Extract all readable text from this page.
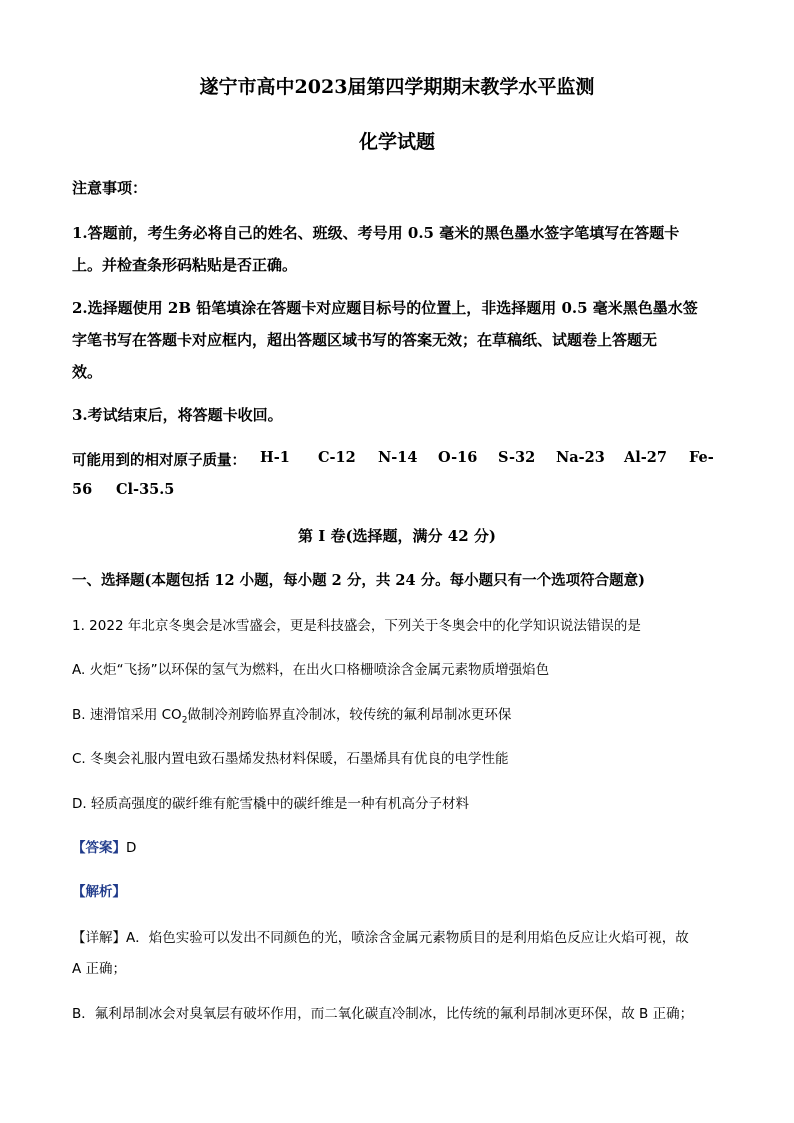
遂宁市高中2023届第四学期期末教学水平监测
化学试题
注意事项：
1.答题前，考生务必将自己的姓名、班级、考号用 0.5 毫米的黑色墨水签字笔填写在答题卡
上。并检查条形码粘贴是否正确。
2.选择题使用 2B 铅笔填涂在答题卡对应题目标号的位置上，非选择题用 0.5 毫米黑色墨水签
字笔书写在答题卡对应框内，超出答题区域书写的答案无效；在草稿纸、试题卷上答题无
效。
3.考试结束后，将答题卡收回。
可能用到的相对原子质量： H-1 C-12 N-14 O-16 S-32 Na-23 Al-27 Fe-
56 Cl-35.5
第 I 卷(选择题，满分 42 分)
一、选择题(本题包括 12 小题，每小题 2 分，共 24 分。每小题只有一个选项符合题意)
1. 2022 年北京冬奥会是冰雪盛会，更是科技盛会，下列关于冬奥会中的化学知识说法错误的是
A. 火炬“飞扬”以环保的氢气为燃料，在出火口格栅喷涂含金属元素物质增强焰色
B. 速滑馆采用 $CO_2$做制冷剂跨临界直冷制冰，较传统的氟利昂制冰更环保
C. 冬奥会礼服内置电致石墨烯发热材料保暖，石墨烯具有优良的电学性能
D. 轻质高强度的碳纤维有舵雪橇中的碳纤维是一种有机高分子材料
【答案】D
【解析】
【详解】A．焰色实验可以发出不同颜色的光，喷涂含金属元素物质目的是利用焰色反应让火焰可视，故
A 正确；
B．氟利昂制冰会对臭氧层有破坏作用，而二氧化碳直冷制冰，比传统的氟利昂制冰更环保，故 B 正确；
